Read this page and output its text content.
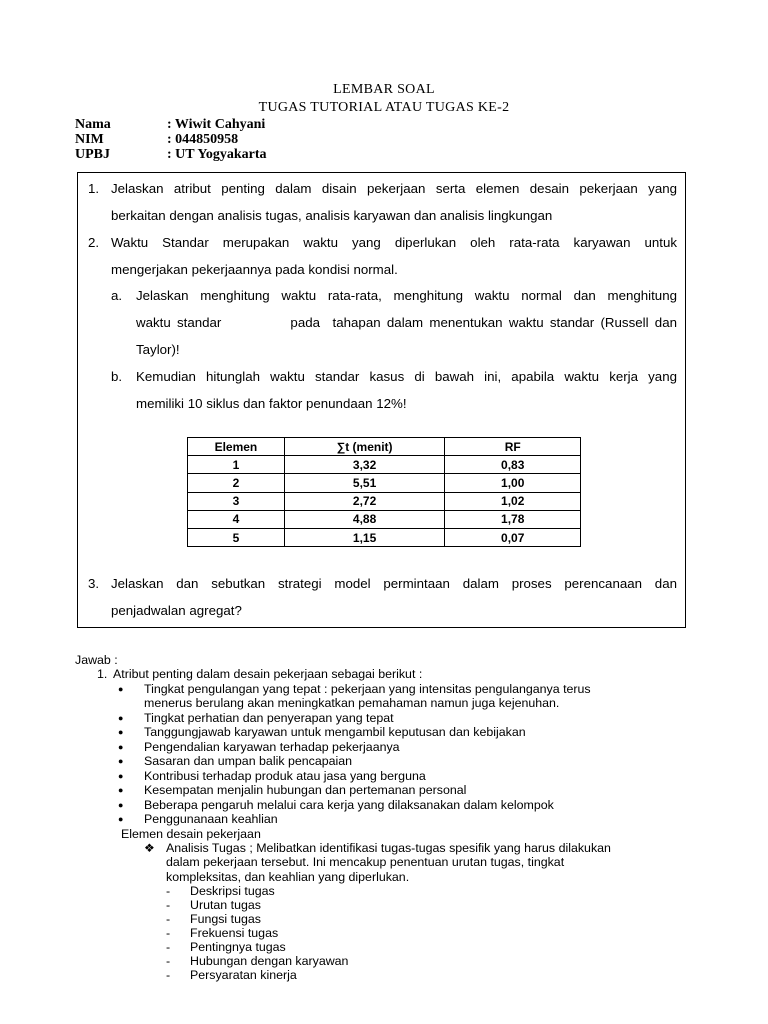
LEMBAR SOAL
TUGAS TUTORIAL ATAU TUGAS KE-2
Nama	: Wiwit Cahyani
NIM	: 044850958
UPBJ	: UT Yogyakarta
1. Jelaskan atribut penting dalam disain pekerjaan serta elemen desain pekerjaan yang
berkaitan dengan analisis tugas, analisis karyawan dan analisis lingkungan
2. Waktu Standar merupakan waktu yang diperlukan oleh rata-rata karyawan untuk
mengerjakan pekerjaannya pada kondisi normal.
a. Jelaskan menghitung waktu rata-rata, menghitung waktu normal dan menghitung
waktu standar           pada  tahapan dalam menentukan waktu standar (Russell dan
Taylor)!
b. Kemudian hitunglah waktu standar kasus di bawah ini, apabila waktu kerja yang
memiliki 10 siklus dan faktor penundaan 12%!
Elemen	∑t (menit)	RF
1	3,32	0,83
2	5,51	1,00
3	2,72	1,02
4	4,88	1,78
5	1,15	0,07
3. Jelaskan dan sebutkan strategi model permintaan dalam proses perencanaan dan
penjadwalan agregat?
Jawab :
1. Atribut penting dalam desain pekerjaan sebagai berikut :
● Tingkat pengulangan yang tepat : pekerjaan yang intensitas pengulanganya terus
menerus berulang akan meningkatkan pemahaman namun juga kejenuhan.
● Tingkat perhatian dan penyerapan yang tepat
● Tanggungjawab karyawan untuk mengambil keputusan dan kebijakan
● Pengendalian karyawan terhadap pekerjaanya
● Sasaran dan umpan balik pencapaian
● Kontribusi terhadap produk atau jasa yang berguna
● Kesempatan menjalin hubungan dan pertemanan personal
● Beberapa pengaruh melalui cara kerja yang dilaksanakan dalam kelompok
● Penggunanaan keahlian
Elemen desain pekerjaan
❖ Analisis Tugas ; Melibatkan identifikasi tugas-tugas spesifik yang harus dilakukan
dalam pekerjaan tersebut. Ini mencakup penentuan urutan tugas, tingkat
kompleksitas, dan keahlian yang diperlukan.
- Deskripsi tugas
- Urutan tugas
- Fungsi tugas
- Frekuensi tugas
- Pentingnya tugas
- Hubungan dengan karyawan
- Persyaratan kinerja
